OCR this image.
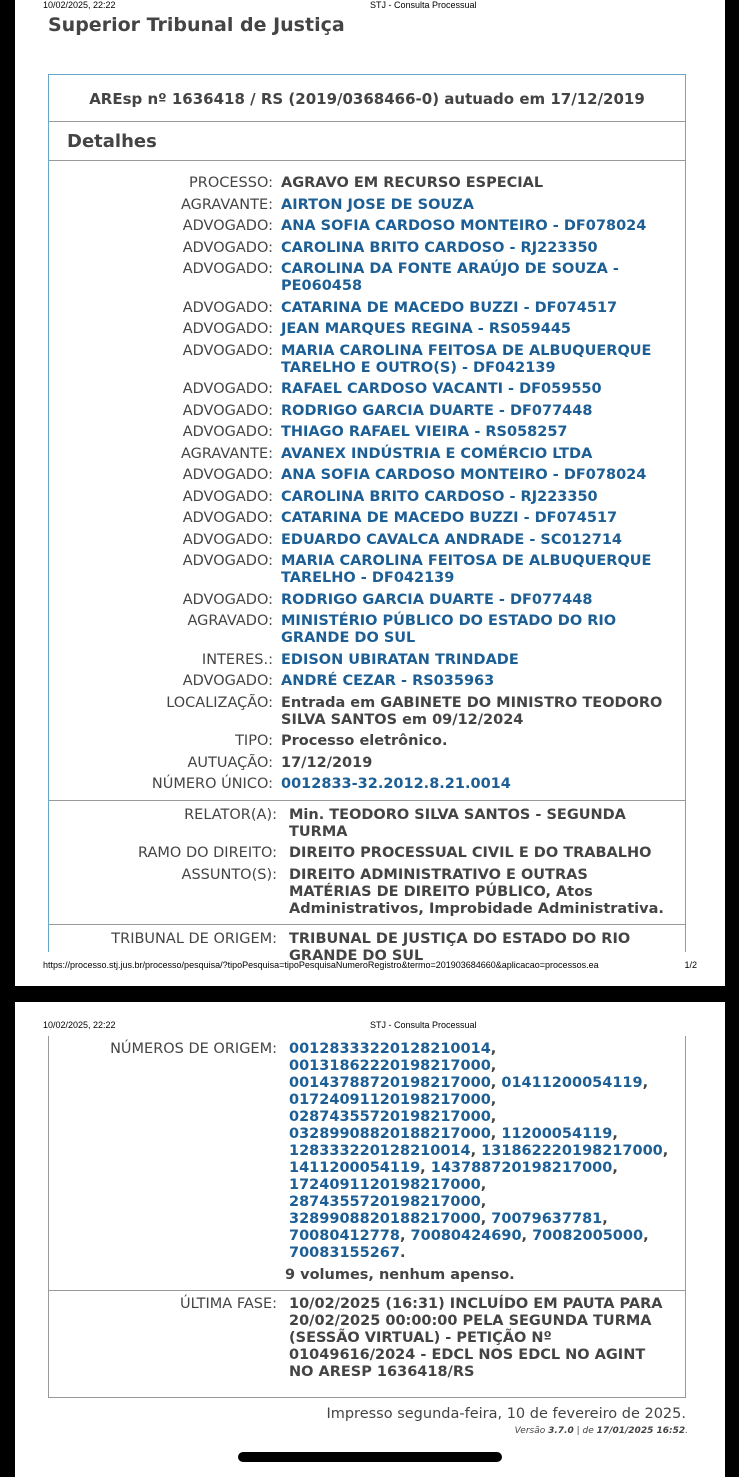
10/02/2025, 22:22	STJ - Consulta Processual
Superior Tribunal de Justiça
AREsp nº 1636418 / RS (2019/0368466-0) autuado em 17/12/2019
Detalhes
PROCESSO: AGRAVO EM RECURSO ESPECIAL
AGRAVANTE: AIRTON JOSE DE SOUZA
ADVOGADO: ANA SOFIA CARDOSO MONTEIRO - DF078024
ADVOGADO: CAROLINA BRITO CARDOSO - RJ223350
ADVOGADO: CAROLINA DA FONTE ARAÚJO DE SOUZA - PE060458
ADVOGADO: CATARINA DE MACEDO BUZZI - DF074517
ADVOGADO: JEAN MARQUES REGINA - RS059445
ADVOGADO: MARIA CAROLINA FEITOSA DE ALBUQUERQUE TARELHO E OUTRO(S) - DF042139
ADVOGADO: RAFAEL CARDOSO VACANTI - DF059550
ADVOGADO: RODRIGO GARCIA DUARTE - DF077448
ADVOGADO: THIAGO RAFAEL VIEIRA - RS058257
AGRAVANTE: AVANEX INDÚSTRIA E COMÉRCIO LTDA
ADVOGADO: ANA SOFIA CARDOSO MONTEIRO - DF078024
ADVOGADO: CAROLINA BRITO CARDOSO - RJ223350
ADVOGADO: CATARINA DE MACEDO BUZZI - DF074517
ADVOGADO: EDUARDO CAVALCA ANDRADE - SC012714
ADVOGADO: MARIA CAROLINA FEITOSA DE ALBUQUERQUE TARELHO - DF042139
ADVOGADO: RODRIGO GARCIA DUARTE - DF077448
AGRAVADO: MINISTÉRIO PÚBLICO DO ESTADO DO RIO GRANDE DO SUL
INTERES.: EDISON UBIRATAN TRINDADE
ADVOGADO: ANDRÉ CEZAR - RS035963
LOCALIZAÇÃO: Entrada em GABINETE DO MINISTRO TEODORO SILVA SANTOS em 09/12/2024
TIPO: Processo eletrônico.
AUTUAÇÃO: 17/12/2019
NÚMERO ÚNICO: 0012833-32.2012.8.21.0014
RELATOR(A): Min. TEODORO SILVA SANTOS - SEGUNDA TURMA
RAMO DO DIREITO: DIREITO PROCESSUAL CIVIL E DO TRABALHO
ASSUNTO(S): DIREITO ADMINISTRATIVO E OUTRAS MATÉRIAS DE DIREITO PÚBLICO, Atos Administrativos, Improbidade Administrativa.
TRIBUNAL DE ORIGEM: TRIBUNAL DE JUSTIÇA DO ESTADO DO RIO GRANDE DO SUL
https://processo.stj.jus.br/processo/pesquisa/?tipoPesquisa=tipoPesquisaNumeroRegistro&termo=201903684660&aplicacao=processos.ea	1/2
10/02/2025, 22:22	STJ - Consulta Processual
NÚMEROS DE ORIGEM: 00128333220128210014, 00131862220198217000, 00143788720198217000, 01411200054119, 01724091120198217000, 02874355720198217000, 03289908820188217000, 11200054119, 128333220128210014, 131862220198217000, 1411200054119, 143788720198217000, 1724091120198217000, 2874355720198217000, 3289908820188217000, 70079637781, 70080412778, 70080424690, 70082005000, 70083155267.
9 volumes, nenhum apenso.
ÚLTIMA FASE: 10/02/2025 (16:31) INCLUÍDO EM PAUTA PARA 20/02/2025 00:00:00 PELA SEGUNDA TURMA (SESSÃO VIRTUAL) - PETIÇÃO Nº 01049616/2024 - EDCL NOS EDCL NO AGINT NO ARESP 1636418/RS
Impresso segunda-feira, 10 de fevereiro de 2025.
Versão 3.7.0 | de 17/01/2025 16:52.
